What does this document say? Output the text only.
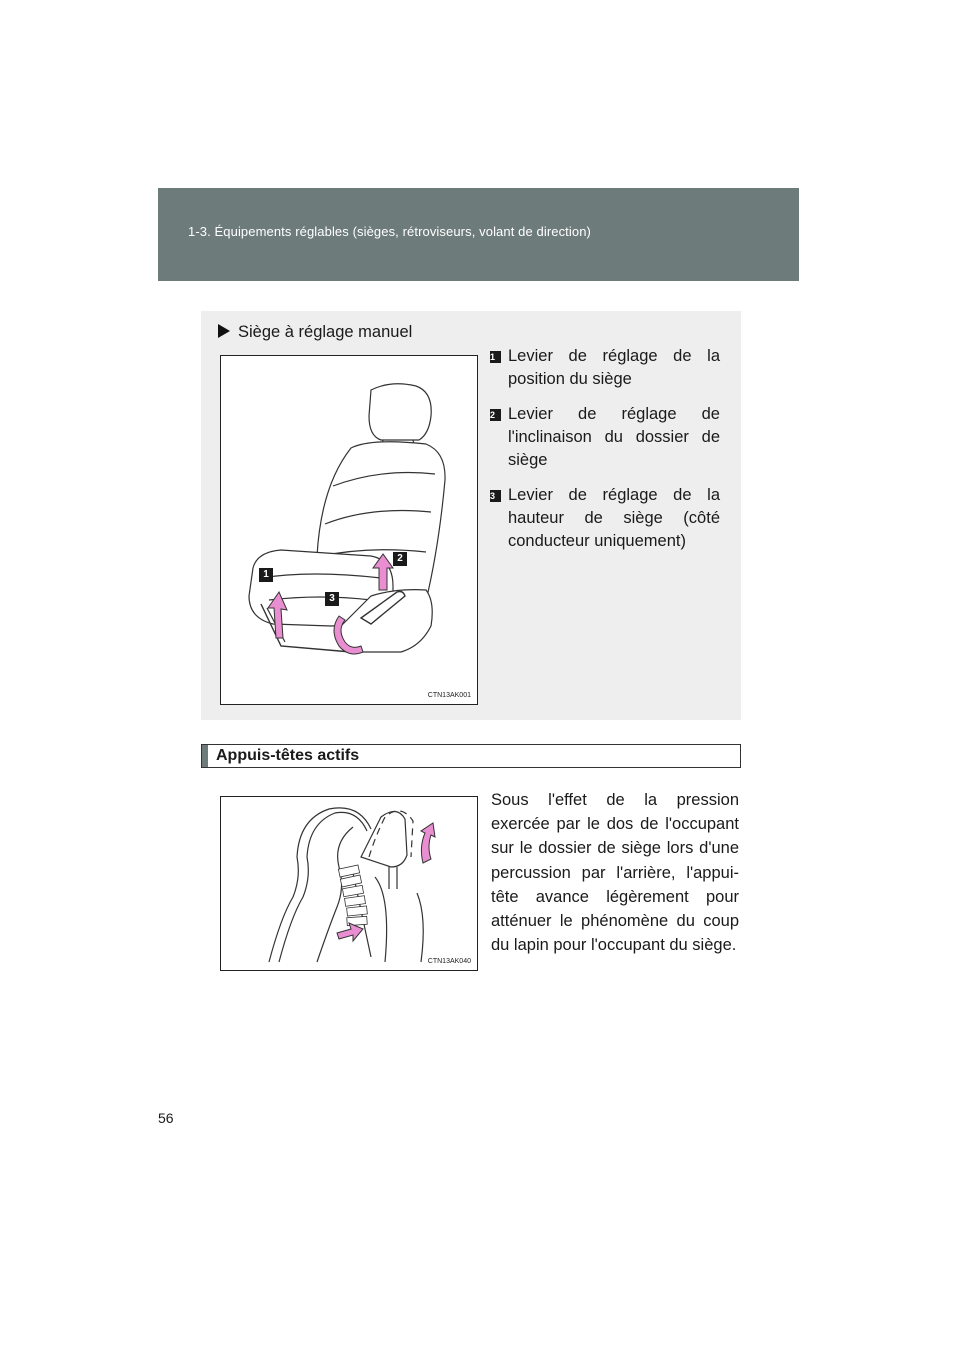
1-3. Équipements réglables (sièges, rétroviseurs, volant de direction)
Siège à réglage manuel
1
2
3
CTN13AK001
1 Levier de réglage de la position du siège
2 Levier de réglage de l'inclinaison du dossier de siège
3 Levier de réglage de la hauteur de siège (côté conducteur uniquement)
Appuis-têtes actifs
CTN13AK040
Sous l'effet de la pression exercée par le dos de l'occupant sur le dossier de siège lors d'une percussion par l'arrière, l'appui-tête avance légèrement pour atténuer le phénomène du coup du lapin pour l'occupant du siège.
56
